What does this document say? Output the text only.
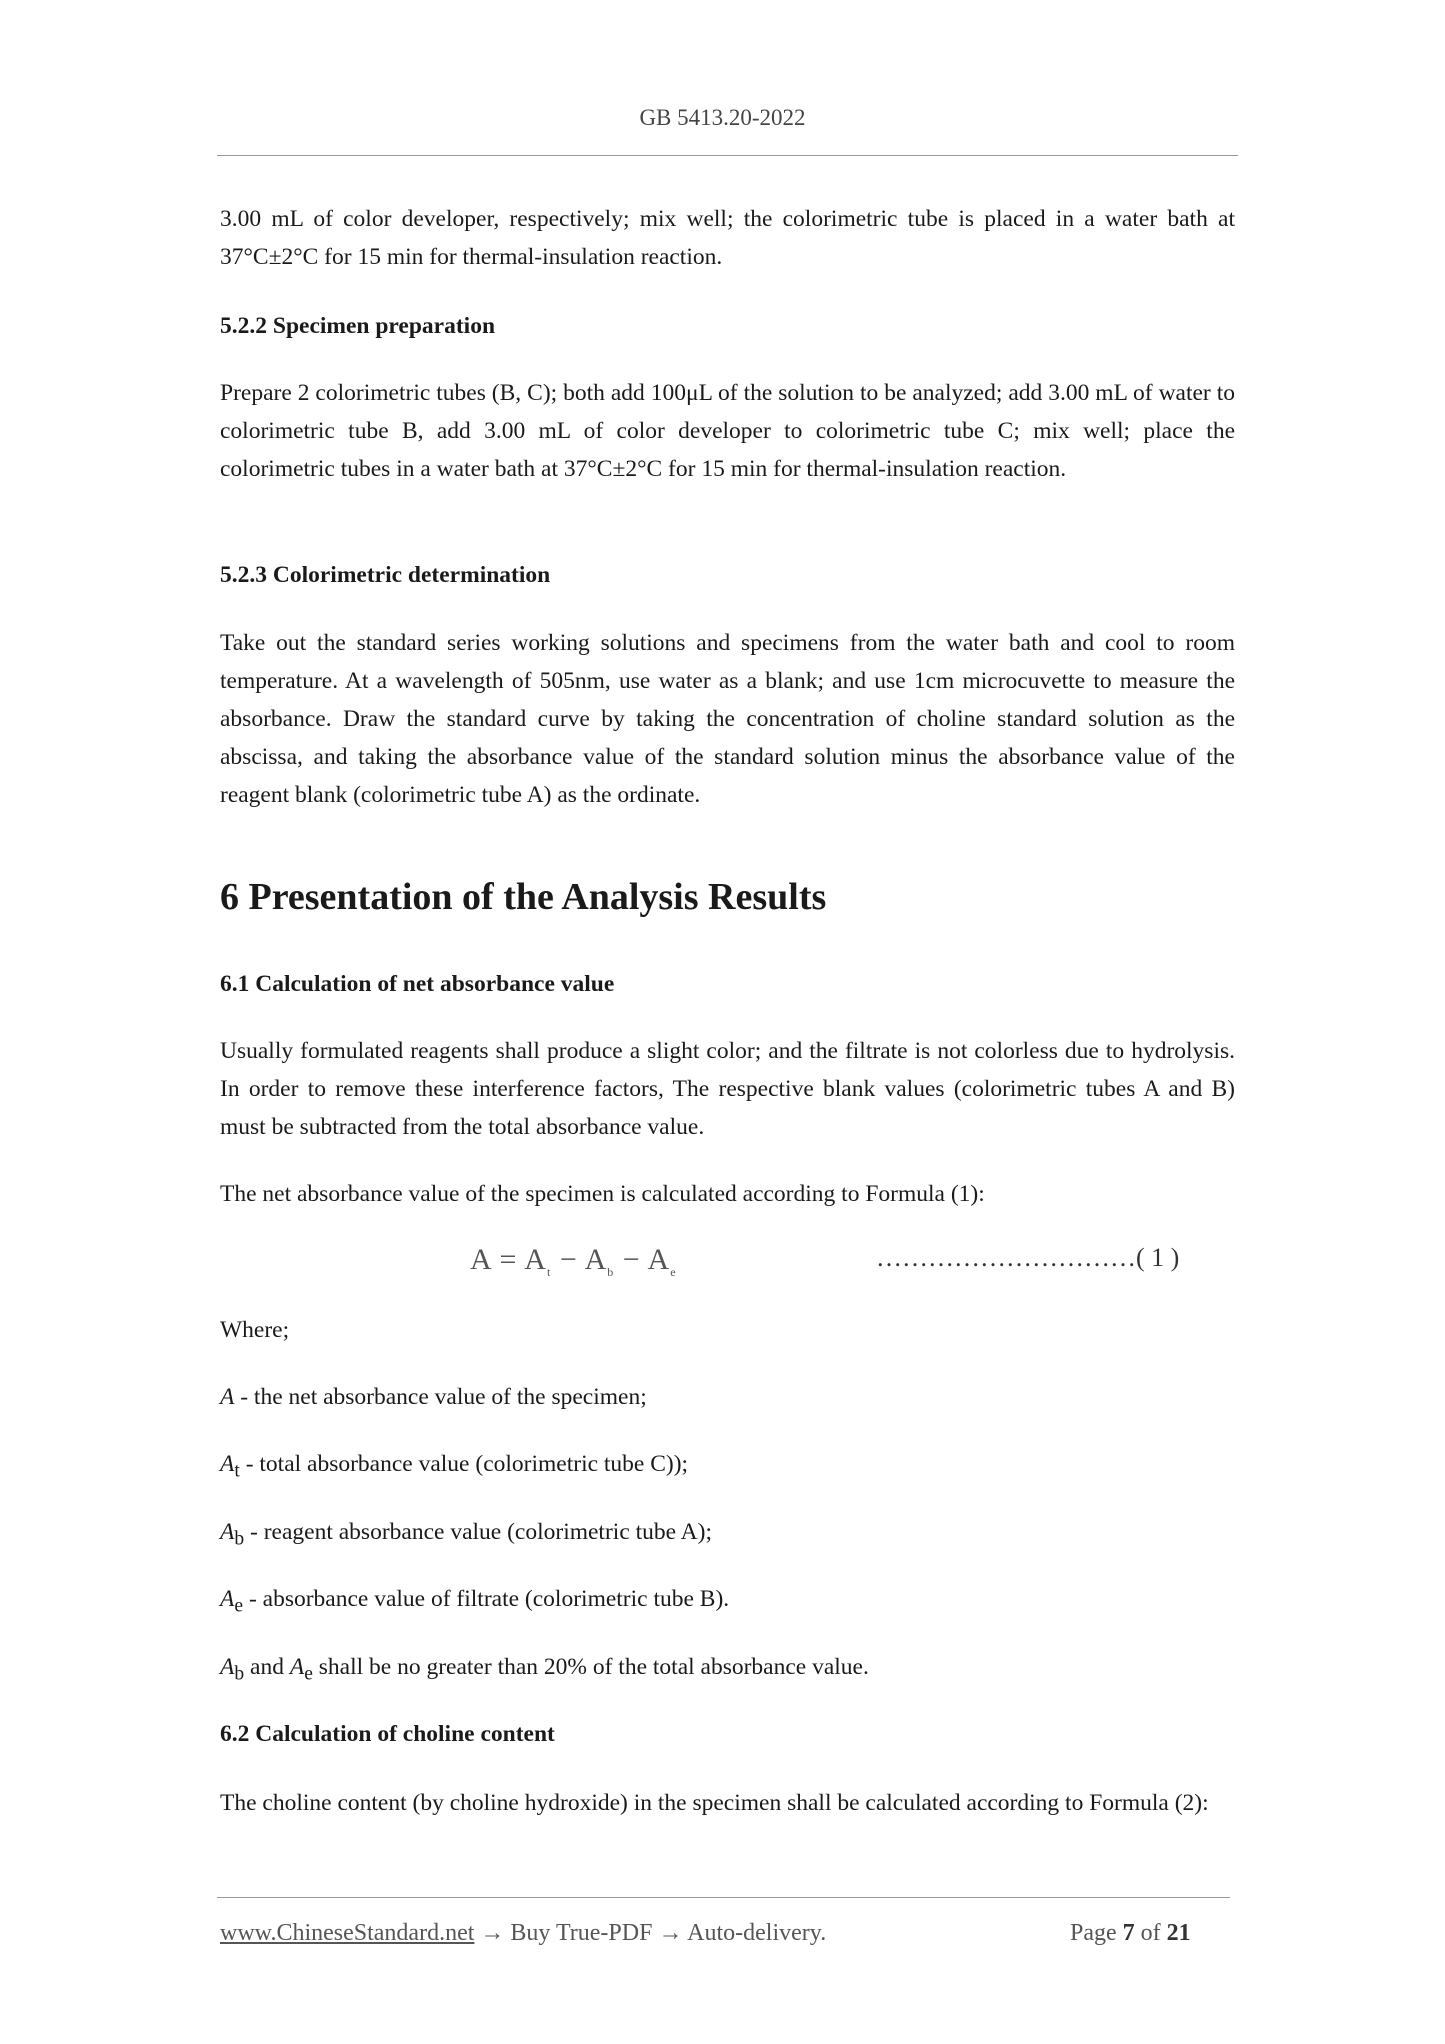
GB 5413.20-2022
3.00 mL of color developer, respectively; mix well; the colorimetric tube is placed in a water bath at 37°C±2°C for 15 min for thermal-insulation reaction.
5.2.2 Specimen preparation
Prepare 2 colorimetric tubes (B, C); both add 100μL of the solution to be analyzed; add 3.00 mL of water to colorimetric tube B, add 3.00 mL of color developer to colorimetric tube C; mix well; place the colorimetric tubes in a water bath at 37°C±2°C for 15 min for thermal-insulation reaction.
5.2.3 Colorimetric determination
Take out the standard series working solutions and specimens from the water bath and cool to room temperature. At a wavelength of 505nm, use water as a blank; and use 1cm microcuvette to measure the absorbance. Draw the standard curve by taking the concentration of choline standard solution as the abscissa, and taking the absorbance value of the standard solution minus the absorbance value of the reagent blank (colorimetric tube A) as the ordinate.
6 Presentation of the Analysis Results
6.1 Calculation of net absorbance value
Usually formulated reagents shall produce a slight color; and the filtrate is not colorless due to hydrolysis. In order to remove these interference factors, The respective blank values (colorimetric tubes A and B) must be subtracted from the total absorbance value.
The net absorbance value of the specimen is calculated according to Formula (1):
$A = A_t - A_b - A_e$	…………………………( 1 )
Where;
A - the net absorbance value of the specimen;
$A_t$ - total absorbance value (colorimetric tube C));
$A_b$ - reagent absorbance value (colorimetric tube A);
$A_e$ - absorbance value of filtrate (colorimetric tube B).
$A_b$ and $A_e$ shall be no greater than 20% of the total absorbance value.
6.2 Calculation of choline content
The choline content (by choline hydroxide) in the specimen shall be calculated according to Formula (2):
www.ChineseStandard.net → Buy True-PDF → Auto-delivery.	Page 7 of 21
